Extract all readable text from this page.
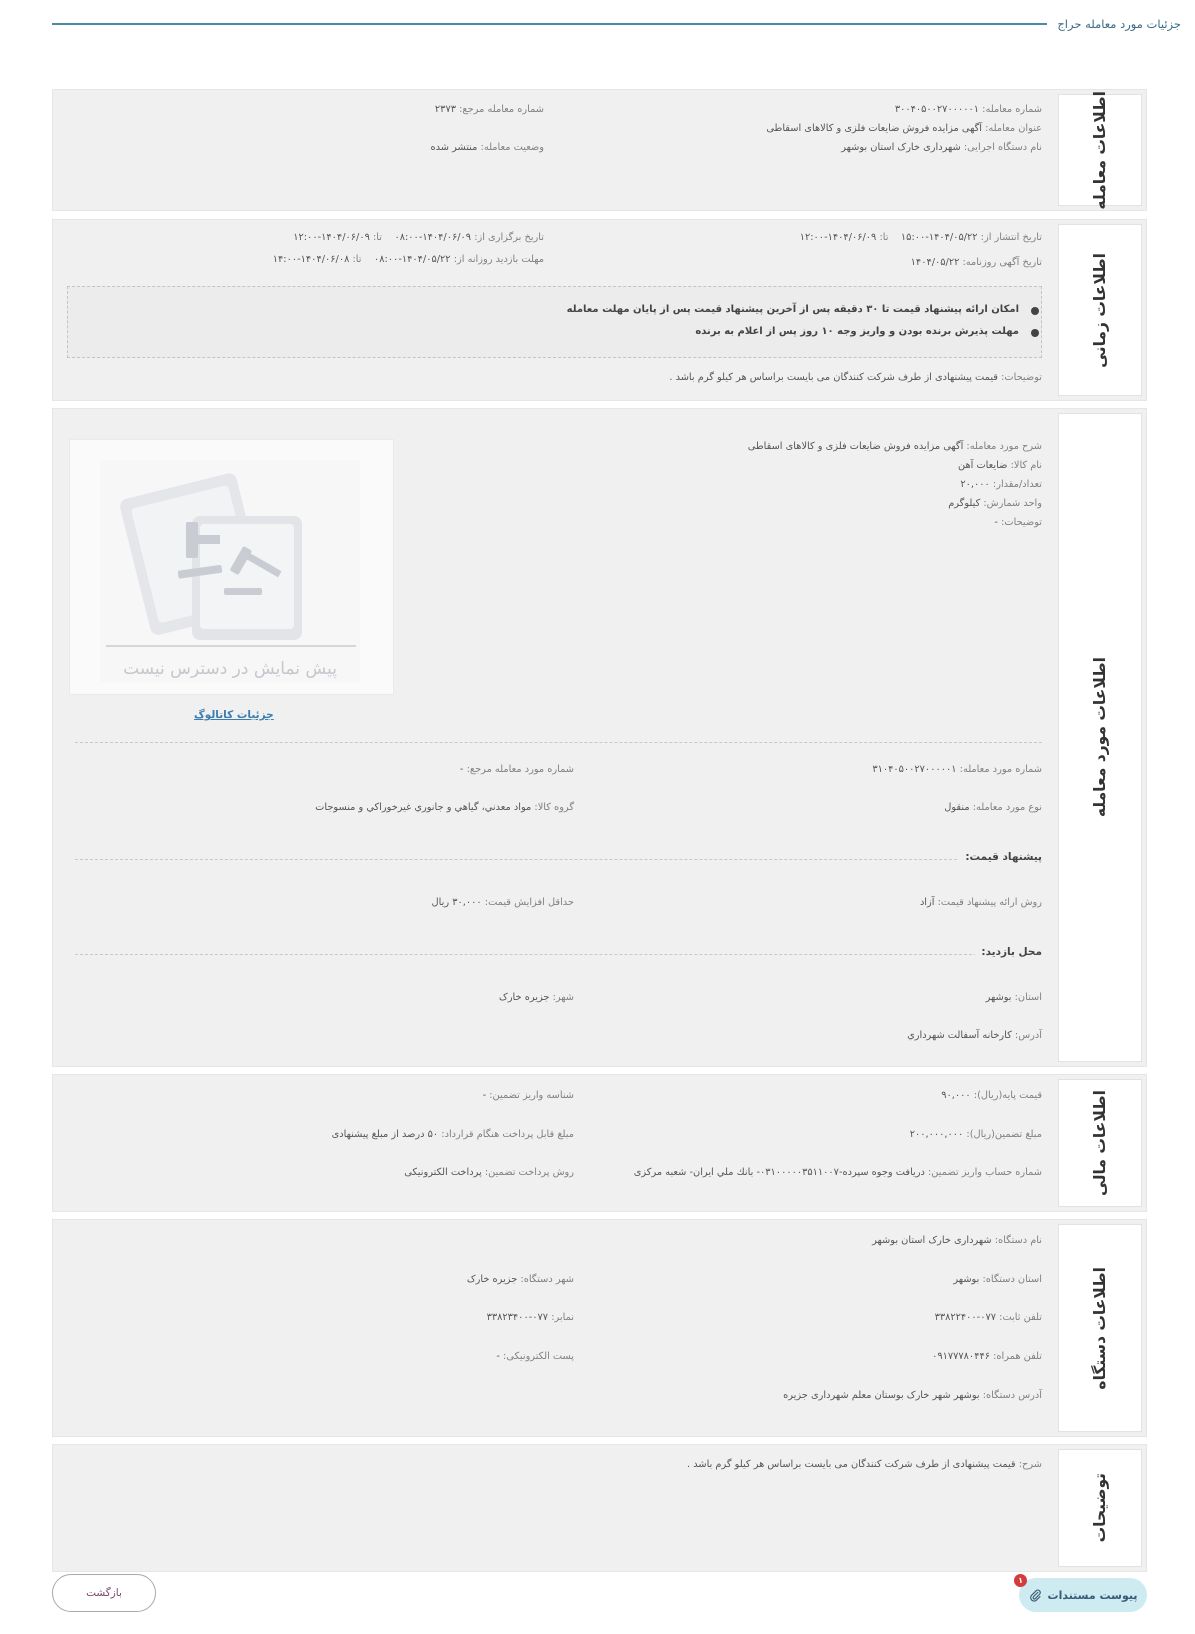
جزئیات مورد معامله حراج
اطلاعات معامله
شماره معامله: ۳۰۰۴۰۵۰۰۲۷۰۰۰۰۰۱
شماره معامله مرجع: ۲۳۷۳
عنوان معامله: آگهی مزایده فروش ضایعات فلزی و کالاهای اسقاطی
نام دستگاه اجرایی: شهرداری خارک استان بوشهر
وضعیت معامله: منتشر شده
اطلاعات زمانی
تاریخ انتشار از: ۱۴۰۴/۰۵/۲۲-۱۵:۰۰    تا: ۱۴۰۴/۰۶/۰۹-۱۲:۰۰
تاریخ برگزاری از: ۱۴۰۴/۰۶/۰۹-۰۸:۰۰    تا: ۱۴۰۴/۰۶/۰۹-۱۲:۰۰
تاریخ آگهی روزنامه: ۱۴۰۴/۰۵/۲۲
مهلت بازدید روزانه از: ۱۴۰۴/۰۵/۲۲-۰۸:۰۰    تا: ۱۴۰۴/۰۶/۰۸-۱۴:۰۰
امکان ارائه پیشنهاد قیمت تا ۳۰ دقیقه پس از آخرین پیشنهاد قیمت پس از پایان مهلت معامله
مهلت پذیرش برنده بودن و واریز وجه ۱۰ روز پس از اعلام به برنده
توضیحات: قیمت پیشنهادی از طرف شرکت کنندگان می بایست براساس هر کیلو گرم باشد .
اطلاعات مورد معامله
شرح مورد معامله: آگهی مزایده فروش ضایعات فلزی و کالاهای اسقاطی
نام کالا: ضایعات آهن
تعداد/مقدار: ۲۰,۰۰۰
واحد شمارش: کیلوگرم
توضیحات: -
پیش نمایش در دسترس نیست
جزئیات کاتالوگ
شماره مورد معامله: ۳۱۰۴۰۵۰۰۲۷۰۰۰۰۰۱
شماره مورد معامله مرجع: -
نوع مورد معامله: منقول
گروه کالا: مواد معدني، گياهي و جانوري غيرخوراكي و منسوجات
پیشنهاد قیمت:
روش ارائه پیشنهاد قیمت: آزاد
حداقل افزایش قیمت: ۳۰,۰۰۰ ریال
محل بازدید:
استان: بوشهر
شهر: جزیره خارک
آدرس: كارخانه آسفالت شهرداري
اطلاعات مالی
قیمت پایه(ریال): ۹۰,۰۰۰
شناسه واریز تضمین: -
مبلغ تضمین(ریال): ۲۰۰,۰۰۰,۰۰۰
مبلغ قابل پرداخت هنگام قرارداد: ۵۰ درصد از مبلغ پیشنهادی
شماره حساب واریز تضمین: دریافت وجوه سپرده-۰۳۱۰۰۰۰۰۳۵۱۱۰۰۷- بانك ملي ايران- شعبه مرکزی
روش پرداخت تضمین: پرداخت الکترونیکی
اطلاعات دستگاه
نام دستگاه: شهرداری خارک استان بوشهر
استان دستگاه: بوشهر
شهر دستگاه: جزیره خارک
تلفن ثابت: ۰۷۷-۳۳۸۲۲۴۰۰
نمابر: ۰۷۷-۳۳۸۲۳۴۰۰
تلفن همراه: ۰۹۱۷۷۷۸۰۴۴۶
پست الکترونیکی: -
آدرس دستگاه: بوشهر شهر خارک بوستان معلم شهرداری جزیره
توضیحات
شرح: قیمت پیشنهادی از طرف شرکت کنندگان می بایست براساس هر کیلو گرم باشد .
پیوست مستندات
۱
بازگشت
